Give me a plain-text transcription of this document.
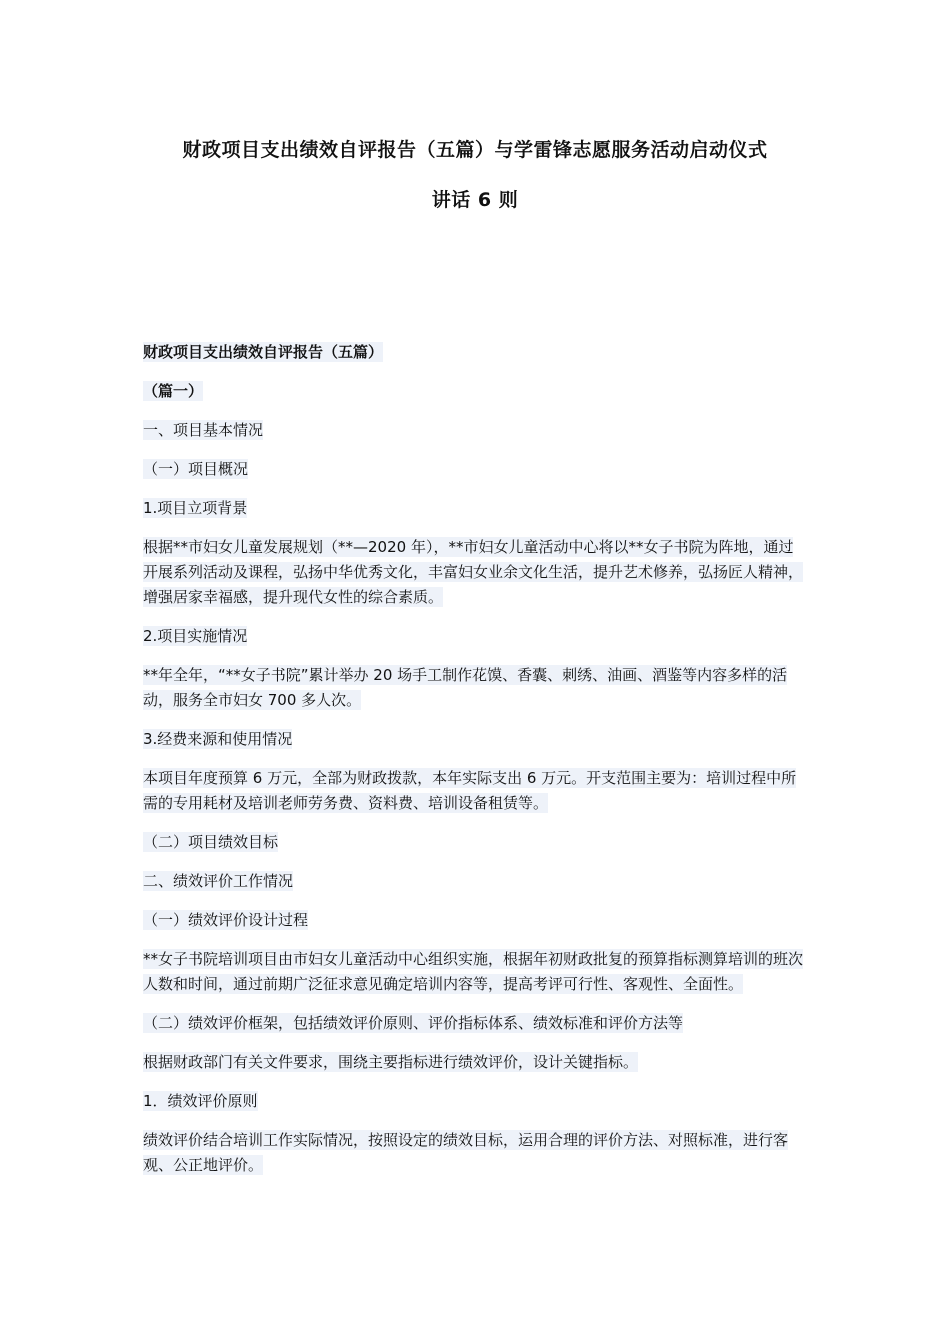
财政项目支出绩效自评报告（五篇）与学雷锋志愿服务活动启动仪式
讲话 6 则
财政项目支出绩效自评报告（五篇）
（篇一）
一、项目基本情况
（一）项目概况
1.项目立项背景
根据**市妇女儿童发展规划（**—2020 年），**市妇女儿童活动中心将以**女子书院为阵地，通过开展系列活动及课程，弘扬中华优秀文化，丰富妇女业余文化生活，提升艺术修养，弘扬匠人精神，增强居家幸福感，提升现代女性的综合素质。
2.项目实施情况
**年全年，“**女子书院”累计举办 20 场手工制作花馍、香囊、刺绣、油画、酒鉴等内容多样的活动，服务全市妇女 700 多人次。
3.经费来源和使用情况
本项目年度预算 6 万元，全部为财政拨款，本年实际支出 6 万元。开支范围主要为：培训过程中所需的专用耗材及培训老师劳务费、资料费、培训设备租赁等。
（二）项目绩效目标
二、绩效评价工作情况
（一）绩效评价设计过程
**女子书院培训项目由市妇女儿童活动中心组织实施，根据年初财政批复的预算指标测算培训的班次人数和时间，通过前期广泛征求意见确定培训内容等，提高考评可行性、客观性、全面性。
（二）绩效评价框架，包括绩效评价原则、评价指标体系、绩效标准和评价方法等
根据财政部门有关文件要求，围绕主要指标进行绩效评价，设计关键指标。
1．绩效评价原则
绩效评价结合培训工作实际情况，按照设定的绩效目标，运用合理的评价方法、对照标准，进行客观、公正地评价。
